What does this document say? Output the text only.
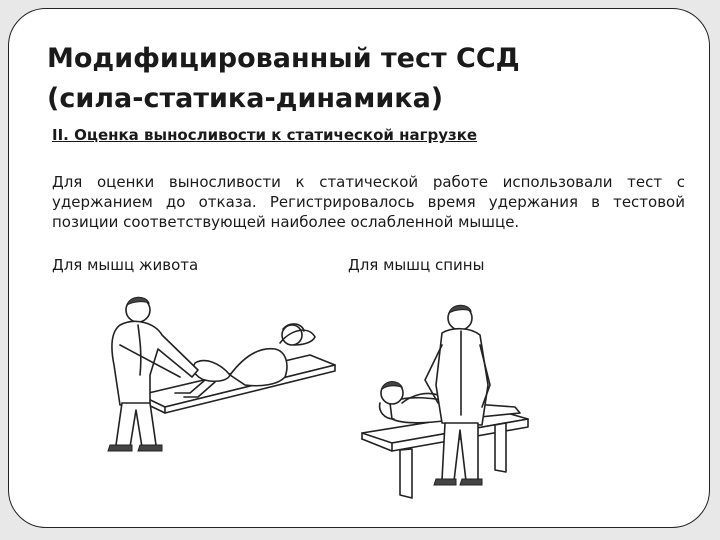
Модифицированный тест ССД
(сила-статика-динамика)
II. Оценка выносливости к статической нагрузке

Для оценки выносливости к статической работе использовали тест с удержанием до отказа. Регистрировалось время удержания в тестовой позиции соответствующей наиболее ослабленной мышце.

Для мышц живота	Для мышц спины
